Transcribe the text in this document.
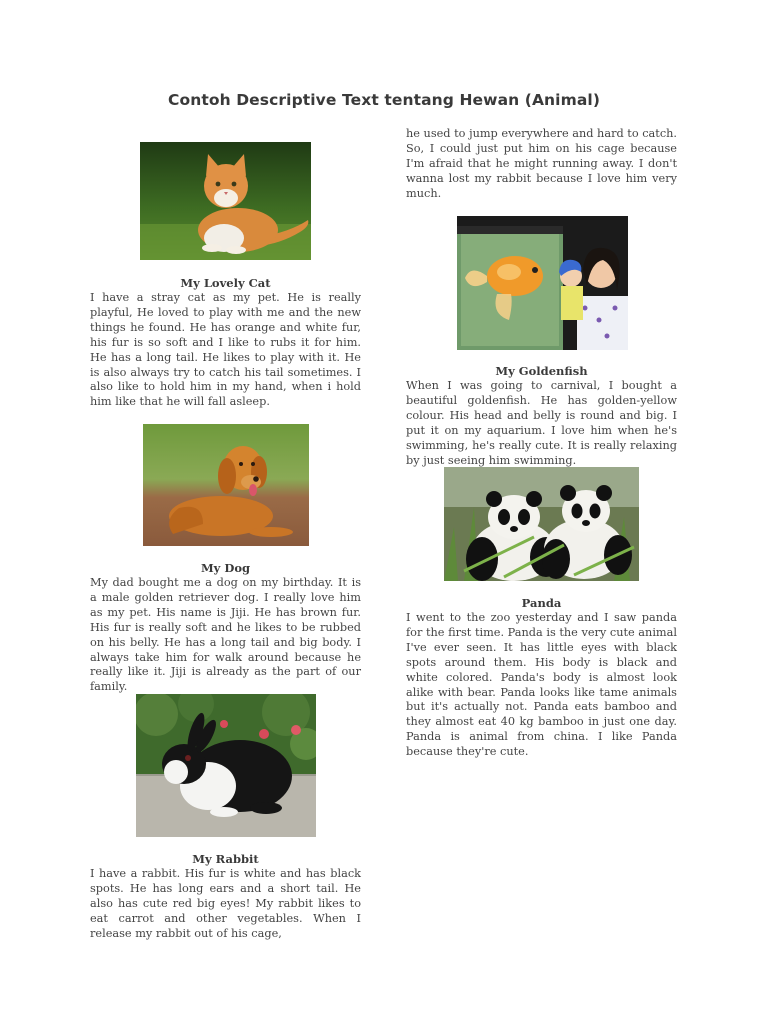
Contoh Descriptive Text tentang Hewan (Animal)
My Lovely Cat

I have a stray cat as my pet. He is really playful, He loved to play with me and the new things he found. He has orange and white fur, his fur is so soft and I like to rubs it for him. He has a long tail. He likes to play with it. He is also always try to catch his tail sometimes. I also like to hold him in my hand, when i hold him like that he will fall asleep.

My Dog

My dad bought me a dog on my birthday. It is a male golden retriever dog. I really love him as my pet. His name is Jiji. He has brown fur. His fur is really soft and he likes to be rubbed on his belly. He has a long tail and big body. I always take him for walk around because he really like it. Jiji is already as the part of our family.

My Rabbit

I have a rabbit. His fur is white and has black spots. He has long ears and a short tail. He also has cute red big eyes! My rabbit likes to eat carrot and other vegetables. When I release my rabbit out of his cage,

he used to jump everywhere and hard to catch. So, I could just put him on his cage because I'm afraid that he might running away. I don't wanna lost my rabbit because I love him very much.

My Goldenfish

When I was going to carnival, I bought a beautiful goldenfish. He has golden-yellow colour. His head and belly is round and big. I put it on my aquarium. I love him when he's swimming, he's really cute. It is really relaxing by just seeing him swimming.

Panda

I went to the zoo yesterday and I saw panda for the first time. Panda is the very cute animal I've ever seen. It has little eyes with black spots around them. His body is black and white colored. Panda's body is almost look alike with bear. Panda looks like tame animals but it's actually not. Panda eats bamboo and they almost eat 40 kg bamboo in just one day. Panda is animal from china. I like Panda because they're cute.
